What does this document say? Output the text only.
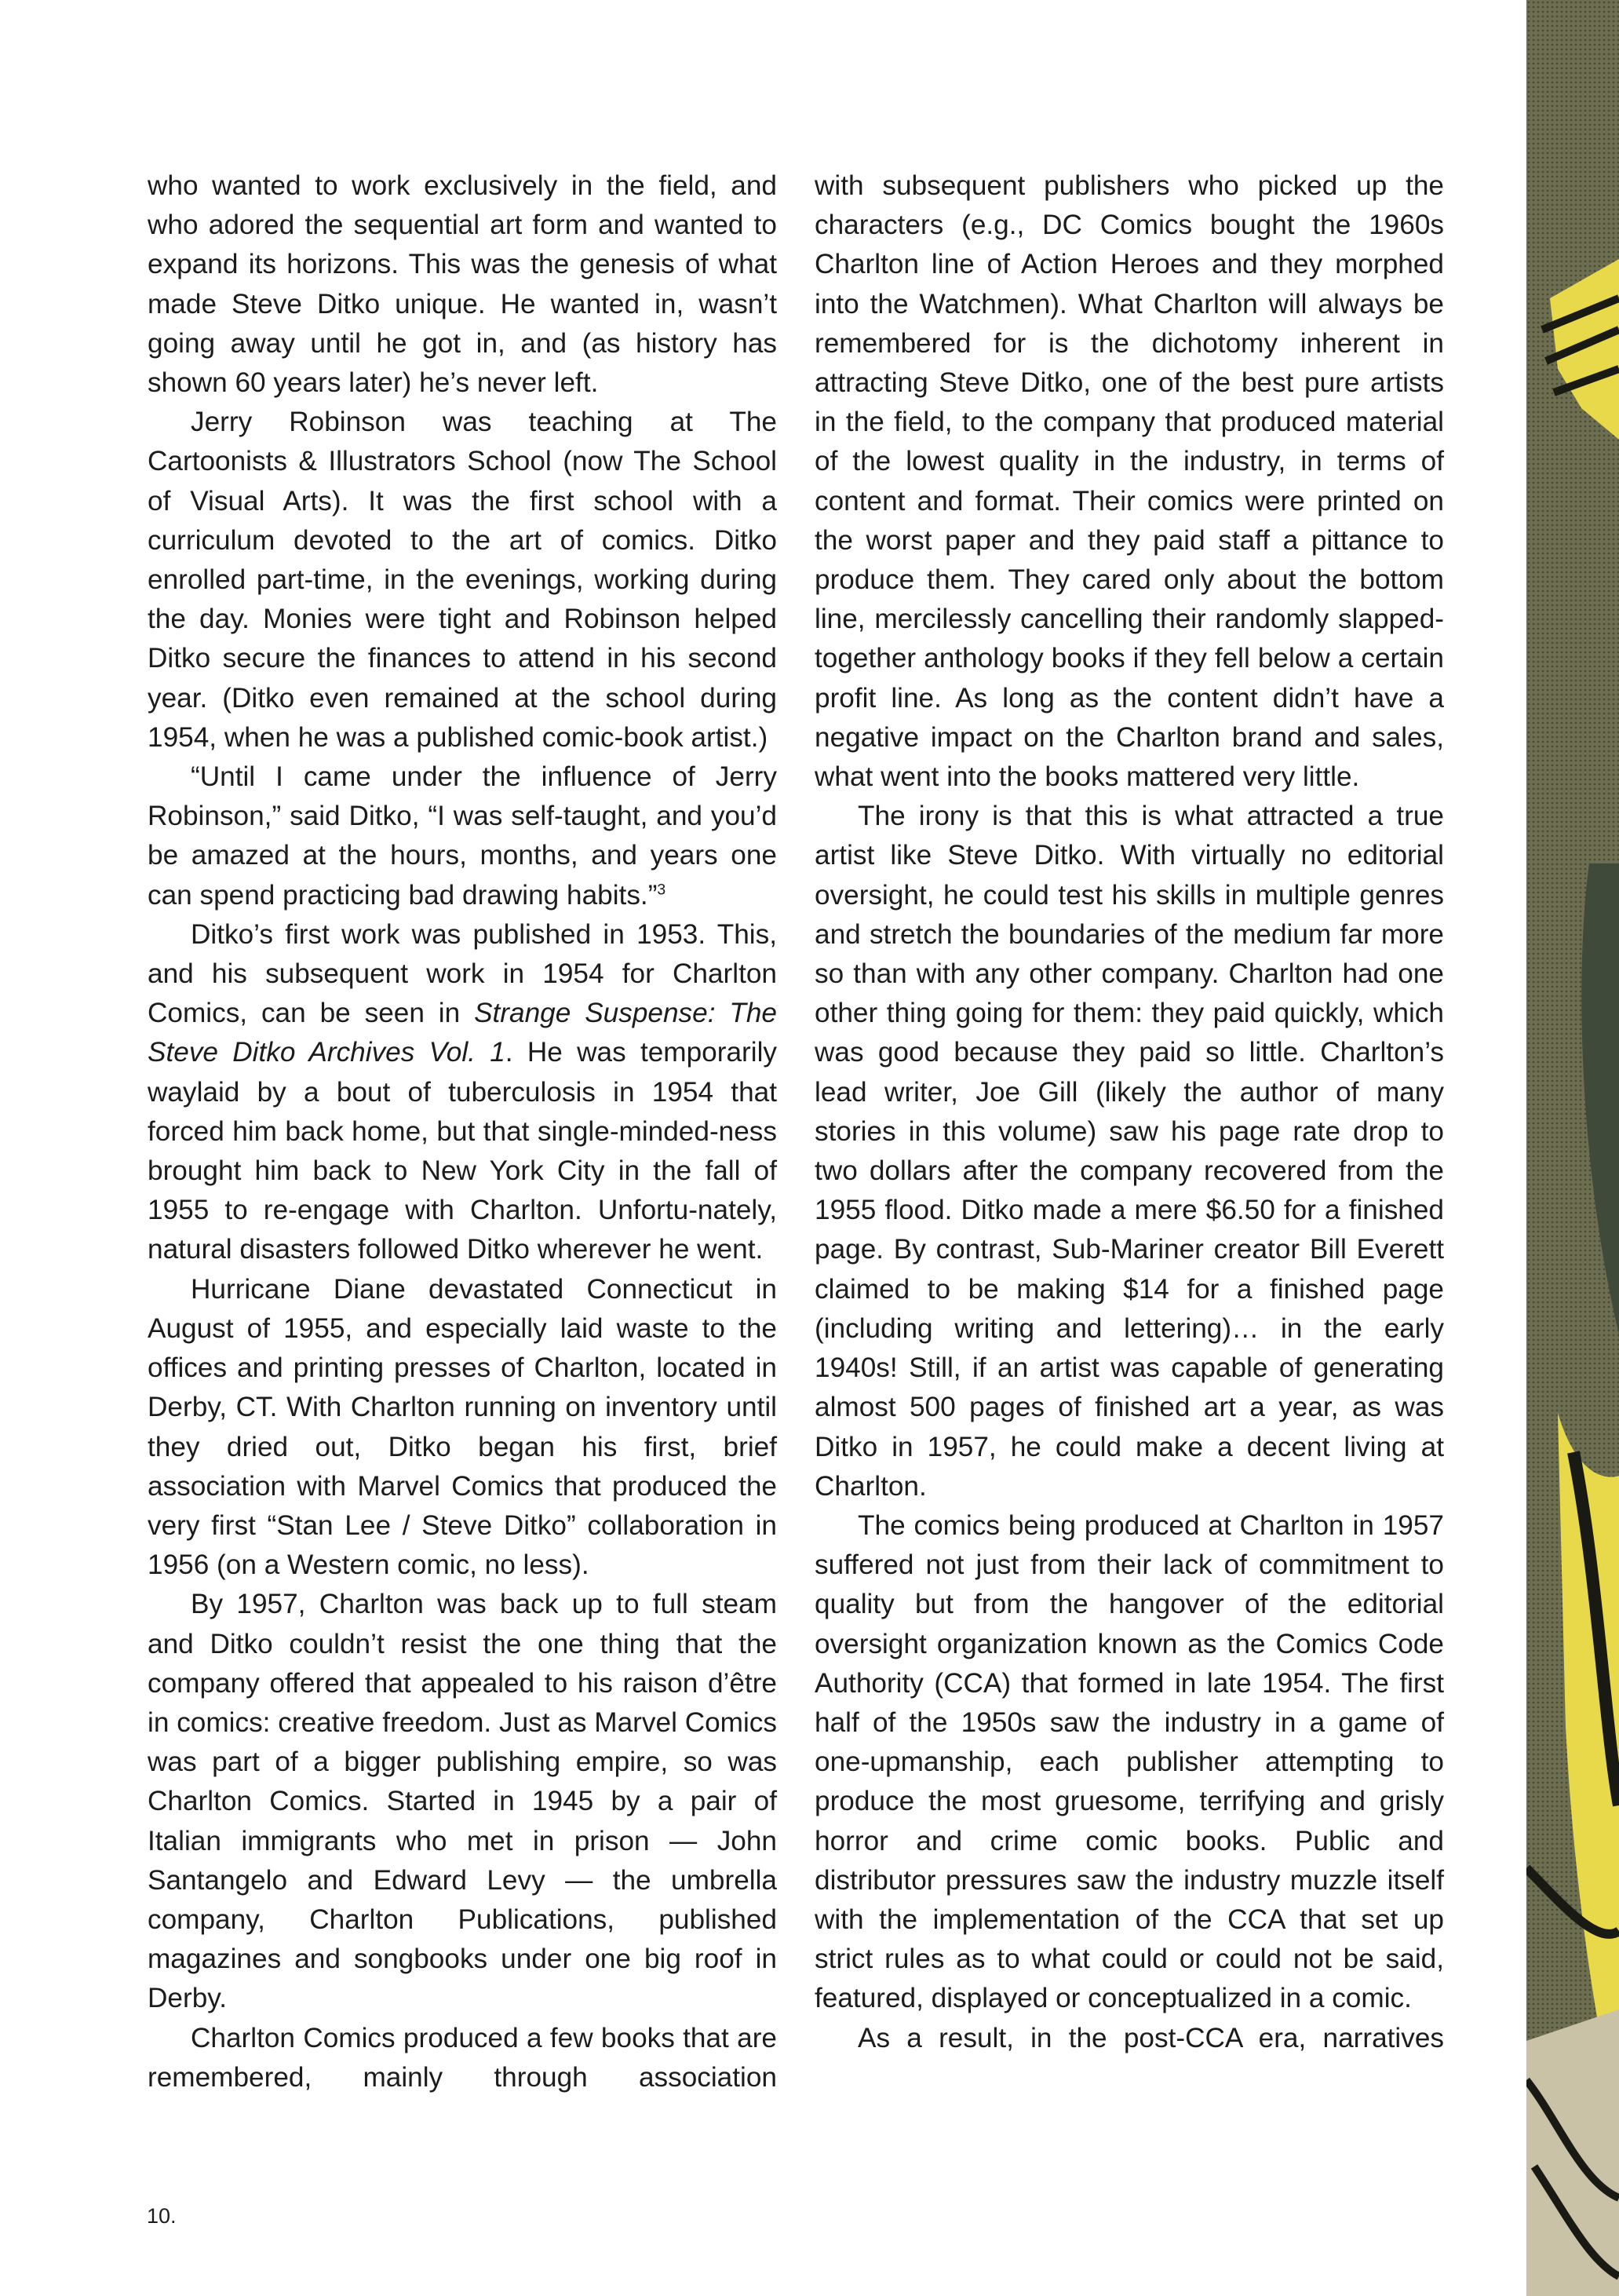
who wanted to work exclusively in the field, and who adored the sequential art form and wanted to expand its horizons. This was the genesis of what made Steve Ditko unique. He wanted in, wasn’t going away until he got in, and (as history has shown 60 years later) he’s never left.

Jerry Robinson was teaching at The Cartoonists & Illustrators School (now The School of Visual Arts). It was the first school with a curriculum devoted to the art of comics. Ditko enrolled part-time, in the evenings, working during the day. Monies were tight and Robinson helped Ditko secure the finances to attend in his second year. (Ditko even remained at the school during 1954, when he was a published comic-book artist.)

“Until I came under the influence of Jerry Robinson,” said Ditko, “I was self-taught, and you’d be amazed at the hours, months, and years one can spend practicing bad drawing habits.”$^3$

Ditko’s first work was published in 1953. This, and his subsequent work in 1954 for Charlton Comics, can be seen in Strange Suspense: The Steve Ditko Archives Vol. 1. He was temporarily waylaid by a bout of tuberculosis in 1954 that forced him back home, but that single-minded-ness brought him back to New York City in the fall of 1955 to re-engage with Charlton. Unfortu-nately, natural disasters followed Ditko wherever he went.

Hurricane Diane devastated Connecticut in August of 1955, and especially laid waste to the offices and printing presses of Charlton, located in Derby, CT. With Charlton running on inventory until they dried out, Ditko began his first, brief association with Marvel Comics that produced the very first “Stan Lee / Steve Ditko” collaboration in 1956 (on a Western comic, no less).

By 1957, Charlton was back up to full steam and Ditko couldn’t resist the one thing that the company offered that appealed to his raison d’être in comics: creative freedom. Just as Marvel Comics was part of a bigger publishing empire, so was Charlton Comics. Started in 1945 by a pair of Italian immigrants who met in prison — John Santangelo and Edward Levy — the umbrella company, Charlton Publications, published magazines and songbooks under one big roof in Derby.

Charlton Comics produced a few books that are remembered, mainly through association

with subsequent publishers who picked up the characters (e.g., DC Comics bought the 1960s Charlton line of Action Heroes and they morphed into the Watchmen). What Charlton will always be remembered for is the dichotomy inherent in attracting Steve Ditko, one of the best pure artists in the field, to the company that produced material of the lowest quality in the industry, in terms of content and format. Their comics were printed on the worst paper and they paid staff a pittance to produce them. They cared only about the bottom line, mercilessly cancelling their randomly slapped-together anthology books if they fell below a certain profit line. As long as the content didn’t have a negative impact on the Charlton brand and sales, what went into the books mattered very little.

The irony is that this is what attracted a true artist like Steve Ditko. With virtually no editorial oversight, he could test his skills in multiple genres and stretch the boundaries of the medium far more so than with any other company. Charlton had one other thing going for them: they paid quickly, which was good because they paid so little. Charlton’s lead writer, Joe Gill (likely the author of many stories in this volume) saw his page rate drop to two dollars after the company recovered from the 1955 flood. Ditko made a mere $6.50 for a finished page. By contrast, Sub-Mariner creator Bill Everett claimed to be making $14 for a finished page (including writing and lettering)… in the early 1940s! Still, if an artist was capable of generating almost 500 pages of finished art a year, as was Ditko in 1957, he could make a decent living at Charlton.

The comics being produced at Charlton in 1957 suffered not just from their lack of commitment to quality but from the hangover of the editorial oversight organization known as the Comics Code Authority (CCA) that formed in late 1954. The first half of the 1950s saw the industry in a game of one-upmanship, each publisher attempting to produce the most gruesome, terrifying and grisly horror and crime comic books. Public and distributor pressures saw the industry muzzle itself with the implementation of the CCA that set up strict rules as to what could or could not be said, featured, displayed or conceptualized in a comic.

As a result, in the post-CCA era, narratives

10.
